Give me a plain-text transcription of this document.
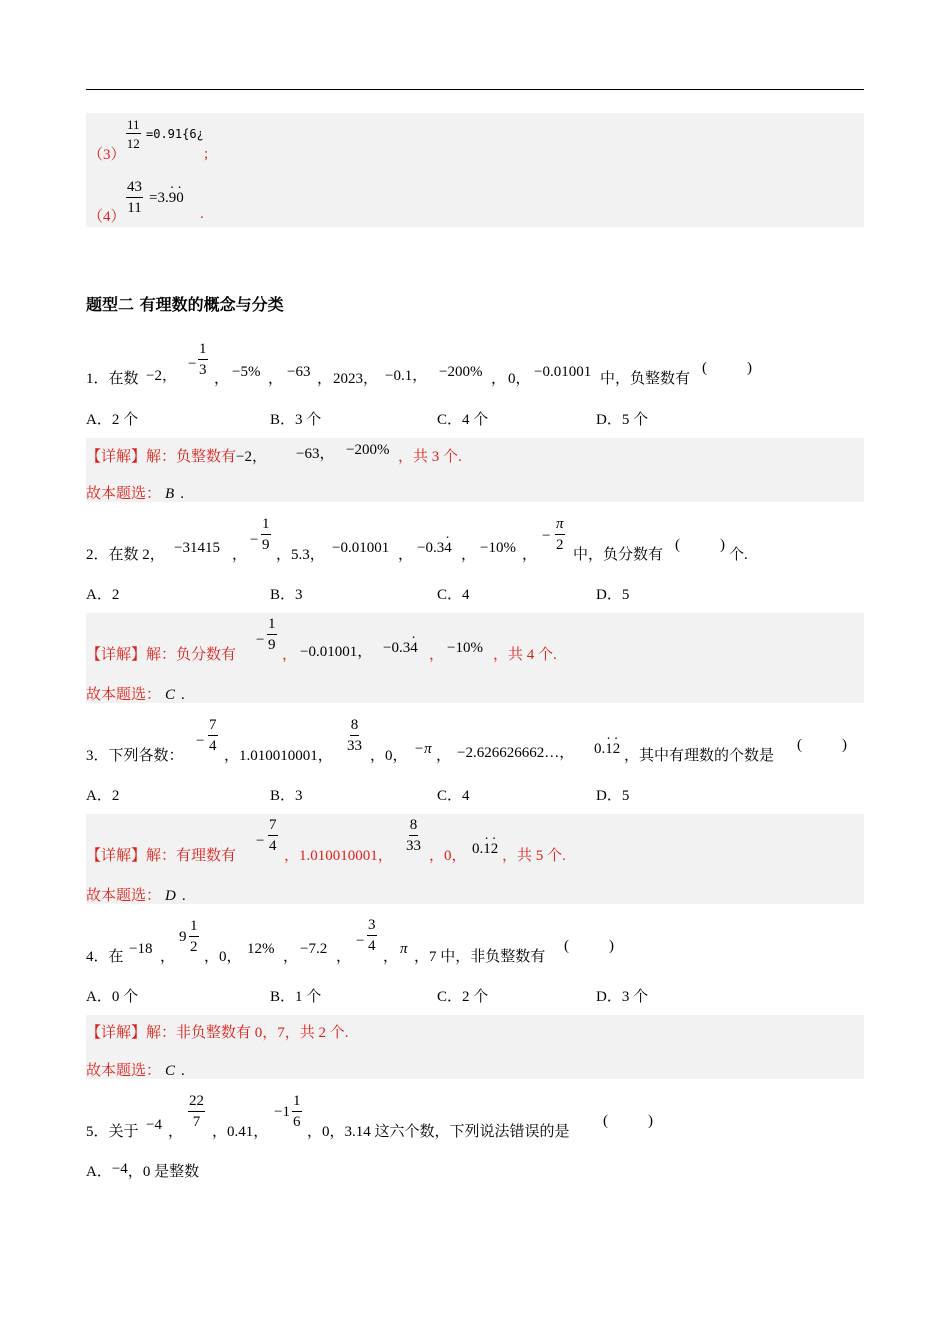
（3）
$\frac{11}{12}$ =0.91{6¿
;
（4）
$\frac{43}{11} =3.\cdot 9\cdot 0$
.
题型二 有理数的概念与分类
1．在数 −2，
− $\frac{1}{3}$
， −5% ， −63 ， 2023， −0.1， −200% ， 0， −0.01001 中，负整数有
(	)
A．2 个	B．3 个	C．4 个	D．5 个
【详解】解：负整数有−2， −63， −200% ，共 3 个.
故本题选： B .
2．在数 2， −31415 ，
− $\frac{1}{9}$
，5.3， −0.01001 ， −0.3· 4 ， −10% ，
− $\frac{\pi}{2}$
中，负分数有
(	)
个.
A．2	B．3	C．4	D．5
【详解】解：负分数有
− $\frac{1}{9}$
， −0.01001， −0.3· 4 ， −10% ，共 4 个.
故本题选： C .
3．下列各数：
− $\frac{7}{4}$
，1.010010001，
$\frac{8}{33}$
，0， −π ， −2.626626662…， 0.· 1· 2 ，其中有理数的个数是
(	)
A．2	B．3	C．4	D．5
【详解】解：有理数有
− $\frac{7}{4}$
，1.010010001，
$\frac{8}{33}$
，0， 0.· 1· 2 ，共 5 个.
故本题选： D .
4．在 −18 ，
$9 \frac{1}{2}$
，0， 12% ， −7.2 ，
− $\frac{3}{4}$
， π ，7 中，非负整数有
(	)
A．0 个	B．1 个	C．2 个	D．3 个
【详解】解：非负整数有 0，7，共 2 个.
故本题选： C .
5．关于 −4 ，
$\frac{22}{7}$
，0.41，
$-1 \frac{1}{6}$
，0，3.14 这六个数，下列说法错误的是
(	)
A．−4，0 是整数
